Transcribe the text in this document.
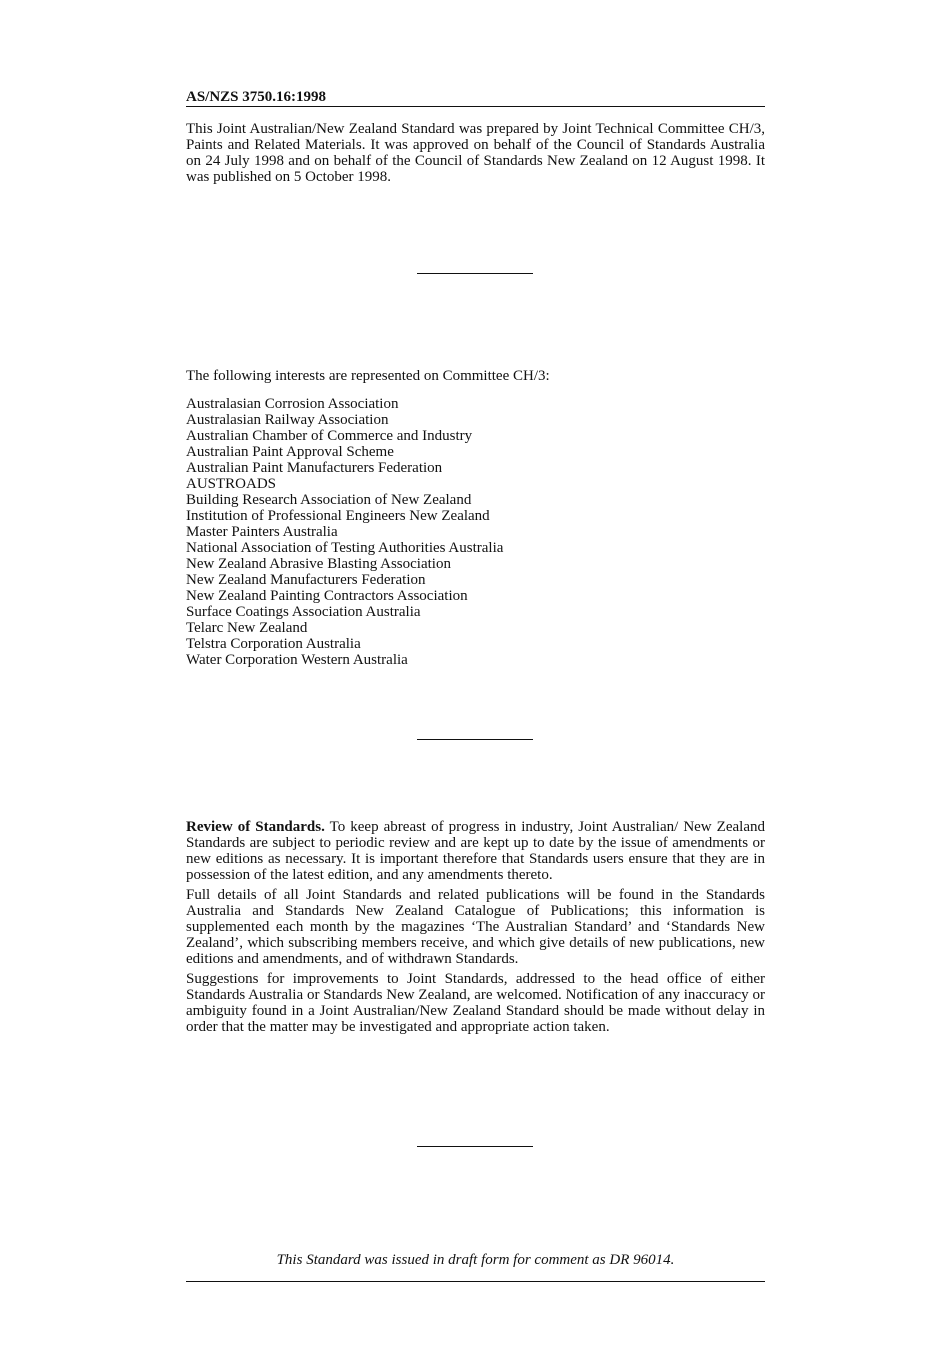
AS/NZS 3750.16:1998

This Joint Australian/New Zealand Standard was prepared by Joint Technical Committee CH/3, Paints and Related Materials. It was approved on behalf of the Council of Standards Australia on 24 July 1998 and on behalf of the Council of Standards New Zealand on 12 August 1998. It was published on 5 October 1998.

The following interests are represented on Committee CH/3:
Australasian Corrosion Association
Australasian Railway Association
Australian Chamber of Commerce and Industry
Australian Paint Approval Scheme
Australian Paint Manufacturers Federation
AUSTROADS
Building Research Association of New Zealand
Institution of Professional Engineers New Zealand
Master Painters Australia
National Association of Testing Authorities Australia
New Zealand Abrasive Blasting Association
New Zealand Manufacturers Federation
New Zealand Painting Contractors Association
Surface Coatings Association Australia
Telarc New Zealand
Telstra Corporation Australia
Water Corporation Western Australia

Review of Standards. To keep abreast of progress in industry, Joint Australian/ New Zealand Standards are subject to periodic review and are kept up to date by the issue of amendments or new editions as necessary. It is important therefore that Standards users ensure that they are in possession of the latest edition, and any amendments thereto.

Full details of all Joint Standards and related publications will be found in the Standards Australia and Standards New Zealand Catalogue of Publications; this information is supplemented each month by the magazines ‘The Australian Standard’ and ‘Standards New Zealand’, which subscribing members receive, and which give details of new publications, new editions and amendments, and of withdrawn Standards.

Suggestions for improvements to Joint Standards, addressed to the head office of either Standards Australia or Standards New Zealand, are welcomed. Notification of any inaccuracy or ambiguity found in a Joint Australian/New Zealand Standard should be made without delay in order that the matter may be investigated and appropriate action taken.

This Standard was issued in draft form for comment as DR 96014.
